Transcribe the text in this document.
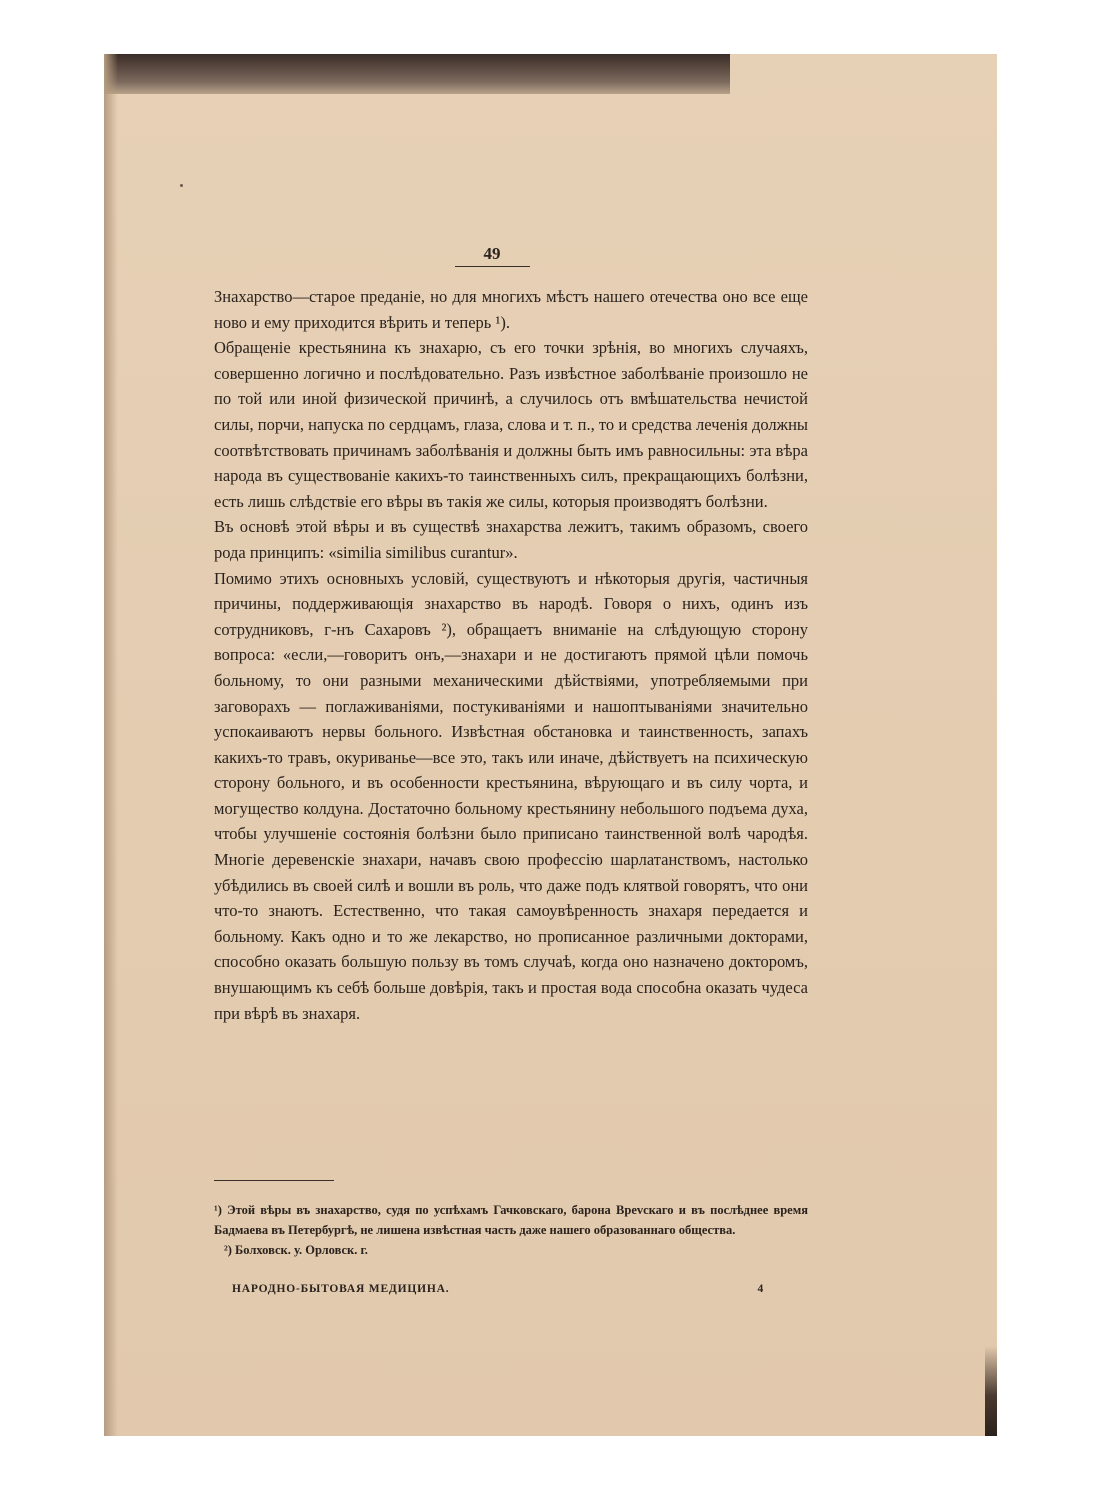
49

Знахарство—старое преданіе, но для многихъ мѣстъ нашего отечества оно все еще ново и ему приходится вѣрить и теперь ¹).

Обращеніе крестьянина къ знахарю, съ его точки зрѣнія, во многихъ случаяхъ, совершенно логично и послѣдовательно. Разъ извѣстное заболѣваніе произошло не по той или иной физической причинѣ, а случилось отъ вмѣшательства нечистой силы, порчи, напуска по сердцамъ, глаза, слова и т. п., то и средства леченія должны соотвѣтствовать причинамъ заболѣванія и должны быть имъ равносильны: эта вѣра народа въ существованіе какихъ-то таинственныхъ силъ, прекращающихъ болѣзни, есть лишь слѣдствіе его вѣры въ такія же силы, которыя производятъ болѣзни.

Въ основѣ этой вѣры и въ существѣ знахарства лежитъ, такимъ образомъ, своего рода принципъ: «similia similibus curantur».

Помимо этихъ основныхъ условій, существуютъ и нѣкоторыя другія, частичныя причины, поддерживающія знахарство въ народѣ. Говоря о нихъ, одинъ изъ сотрудниковъ, г-нъ Сахаровъ ²), обращаетъ вниманіе на слѣдующую сторону вопроса: «если,—говоритъ онъ,—знахари и не достигаютъ прямой цѣли помочь больному, то они разными механическими дѣйствіями, употребляемыми при заговорахъ — поглаживаніями, постукиваніями и нашоптываніями значительно успокаиваютъ нервы больного. Извѣстная обстановка и таинственность, запахъ какихъ-то травъ, окуриванье—все это, такъ или иначе, дѣйствуетъ на психическую сторону больного, и въ особенности крестьянина, вѣрующаго и въ силу чорта, и могущество колдуна. Достаточно больному крестьянину небольшого подъема духа, чтобы улучшеніе состоянія болѣзни было приписано таинственной волѣ чародѣя. Многіе деревенскіе знахари, начавъ свою профессію шарлатанствомъ, настолько убѣдились въ своей силѣ и вошли въ роль, что даже подъ клятвой говорятъ, что они что-то знаютъ. Естественно, что такая самоувѣренность знахаря передается и больному. Какъ одно и то же лекарство, но прописанное различными докторами, способно оказать большую пользу въ томъ случаѣ, когда оно назначено докторомъ, внушающимъ къ себѣ больше довѣрія, такъ и простая вода способна оказать чудеса при вѣрѣ въ знахаря.

¹) Этой вѣры въ знахарство, судя по успѣхамъ Гачковскаго, барона Врevскаго и въ послѣднее время Бадмаева въ Петербургѣ, не лишена извѣстная часть даже нашего образованнаго общества.

²) Болховск. у. Орловск. г.

НАРОДНО-БЫТОВАЯ МЕДИЦИНА.	4
